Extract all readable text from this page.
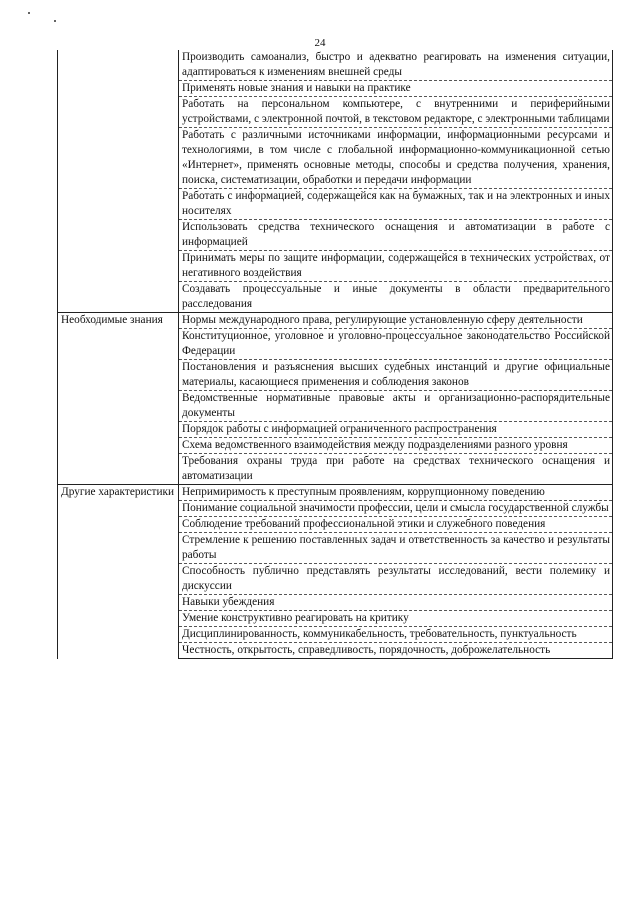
24
	Производить самоанализ, быстро и адекватно реагировать на изменения ситуации, адаптироваться к изменениям внешней среды
	Применять новые знания и навыки на практике
	Работать на персональном компьютере, с внутренними и периферийными устройствами, с электронной почтой, в текстовом редакторе, с электронными таблицами
	Работать с различными источниками информации, информационными ресурсами и технологиями, в том числе с глобальной информационно-коммуникационной сетью «Интернет», применять основные методы, способы и средства получения, хранения, поиска, систематизации, обработки и передачи информации
	Работать с информацией, содержащейся как на бумажных, так и на электронных и иных носителях
	Использовать средства технического оснащения и автоматизации в работе с информацией
	Принимать меры по защите информации, содержащейся в технических устройствах, от негативного воздействия
	Создавать процессуальные и иные документы в области предварительного расследования
Необходимые знания	Нормы международного права, регулирующие установленную сферу деятельности
	Конституционное, уголовное и уголовно-процессуальное законодательство Российской Федерации
	Постановления и разъяснения высших судебных инстанций и другие официальные материалы, касающиеся применения и соблюдения законов
	Ведомственные нормативные правовые акты и организационно-распорядительные документы
	Порядок работы с информацией ограниченного распространения
	Схема ведомственного взаимодействия между подразделениями разного уровня
	Требования охраны труда при работе на средствах технического оснащения и автоматизации
Другие характеристики	Непримиримость к преступным проявлениям, коррупционному поведению
	Понимание социальной значимости профессии, цели и смысла государственной службы
	Соблюдение требований профессиональной этики и служебного поведения
	Стремление к решению поставленных задач и ответственность за качество и результаты работы
	Способность публично представлять результаты исследований, вести полемику и дискуссии
	Навыки убеждения
	Умение конструктивно реагировать на критику
	Дисциплинированность, коммуникабельность, требовательность, пунктуальность
	Честность, открытость, справедливость, порядочность, доброжелательность
